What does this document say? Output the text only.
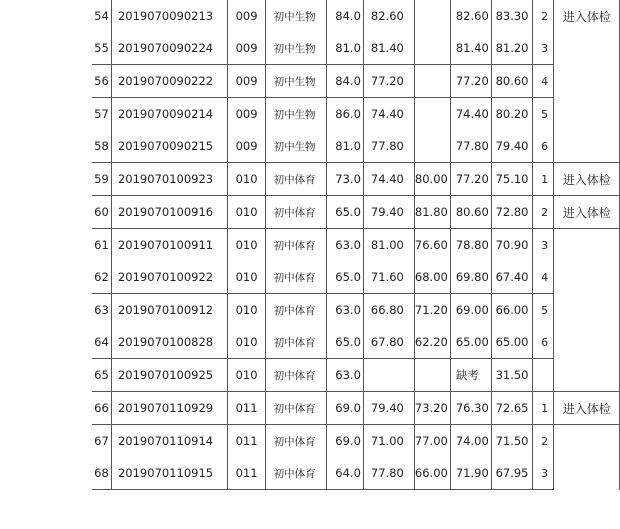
54	2019070090213	009	初中生物	84.0	82.60		82.60	83.30	2	进入体检
55	2019070090224	009	初中生物	81.0	81.40		81.40	81.20	3	
56	2019070090222	009	初中生物	84.0	77.20		77.20	80.60	4	
57	2019070090214	009	初中生物	86.0	74.40		74.40	80.20	5	
58	2019070090215	009	初中生物	81.0	77.80		77.80	79.40	6	
59	2019070100923	010	初中体育	73.0	74.40	80.00	77.20	75.10	1	进入体检
60	2019070100916	010	初中体育	65.0	79.40	81.80	80.60	72.80	2	进入体检
61	2019070100911	010	初中体育	63.0	81.00	76.60	78.80	70.90	3	
62	2019070100922	010	初中体育	65.0	71.60	68.00	69.80	67.40	4	
63	2019070100912	010	初中体育	63.0	66.80	71.20	69.00	66.00	5	
64	2019070100828	010	初中体育	65.0	67.80	62.20	65.00	65.00	6	
65	2019070100925	010	初中体育	63.0			缺考	31.50		
66	2019070110929	011	初中体育	69.0	79.40	73.20	76.30	72.65	1	进入体检
67	2019070110914	011	初中体育	69.0	71.00	77.00	74.00	71.50	2	
68	2019070110915	011	初中体育	64.0	77.80	66.00	71.90	67.95	3	
